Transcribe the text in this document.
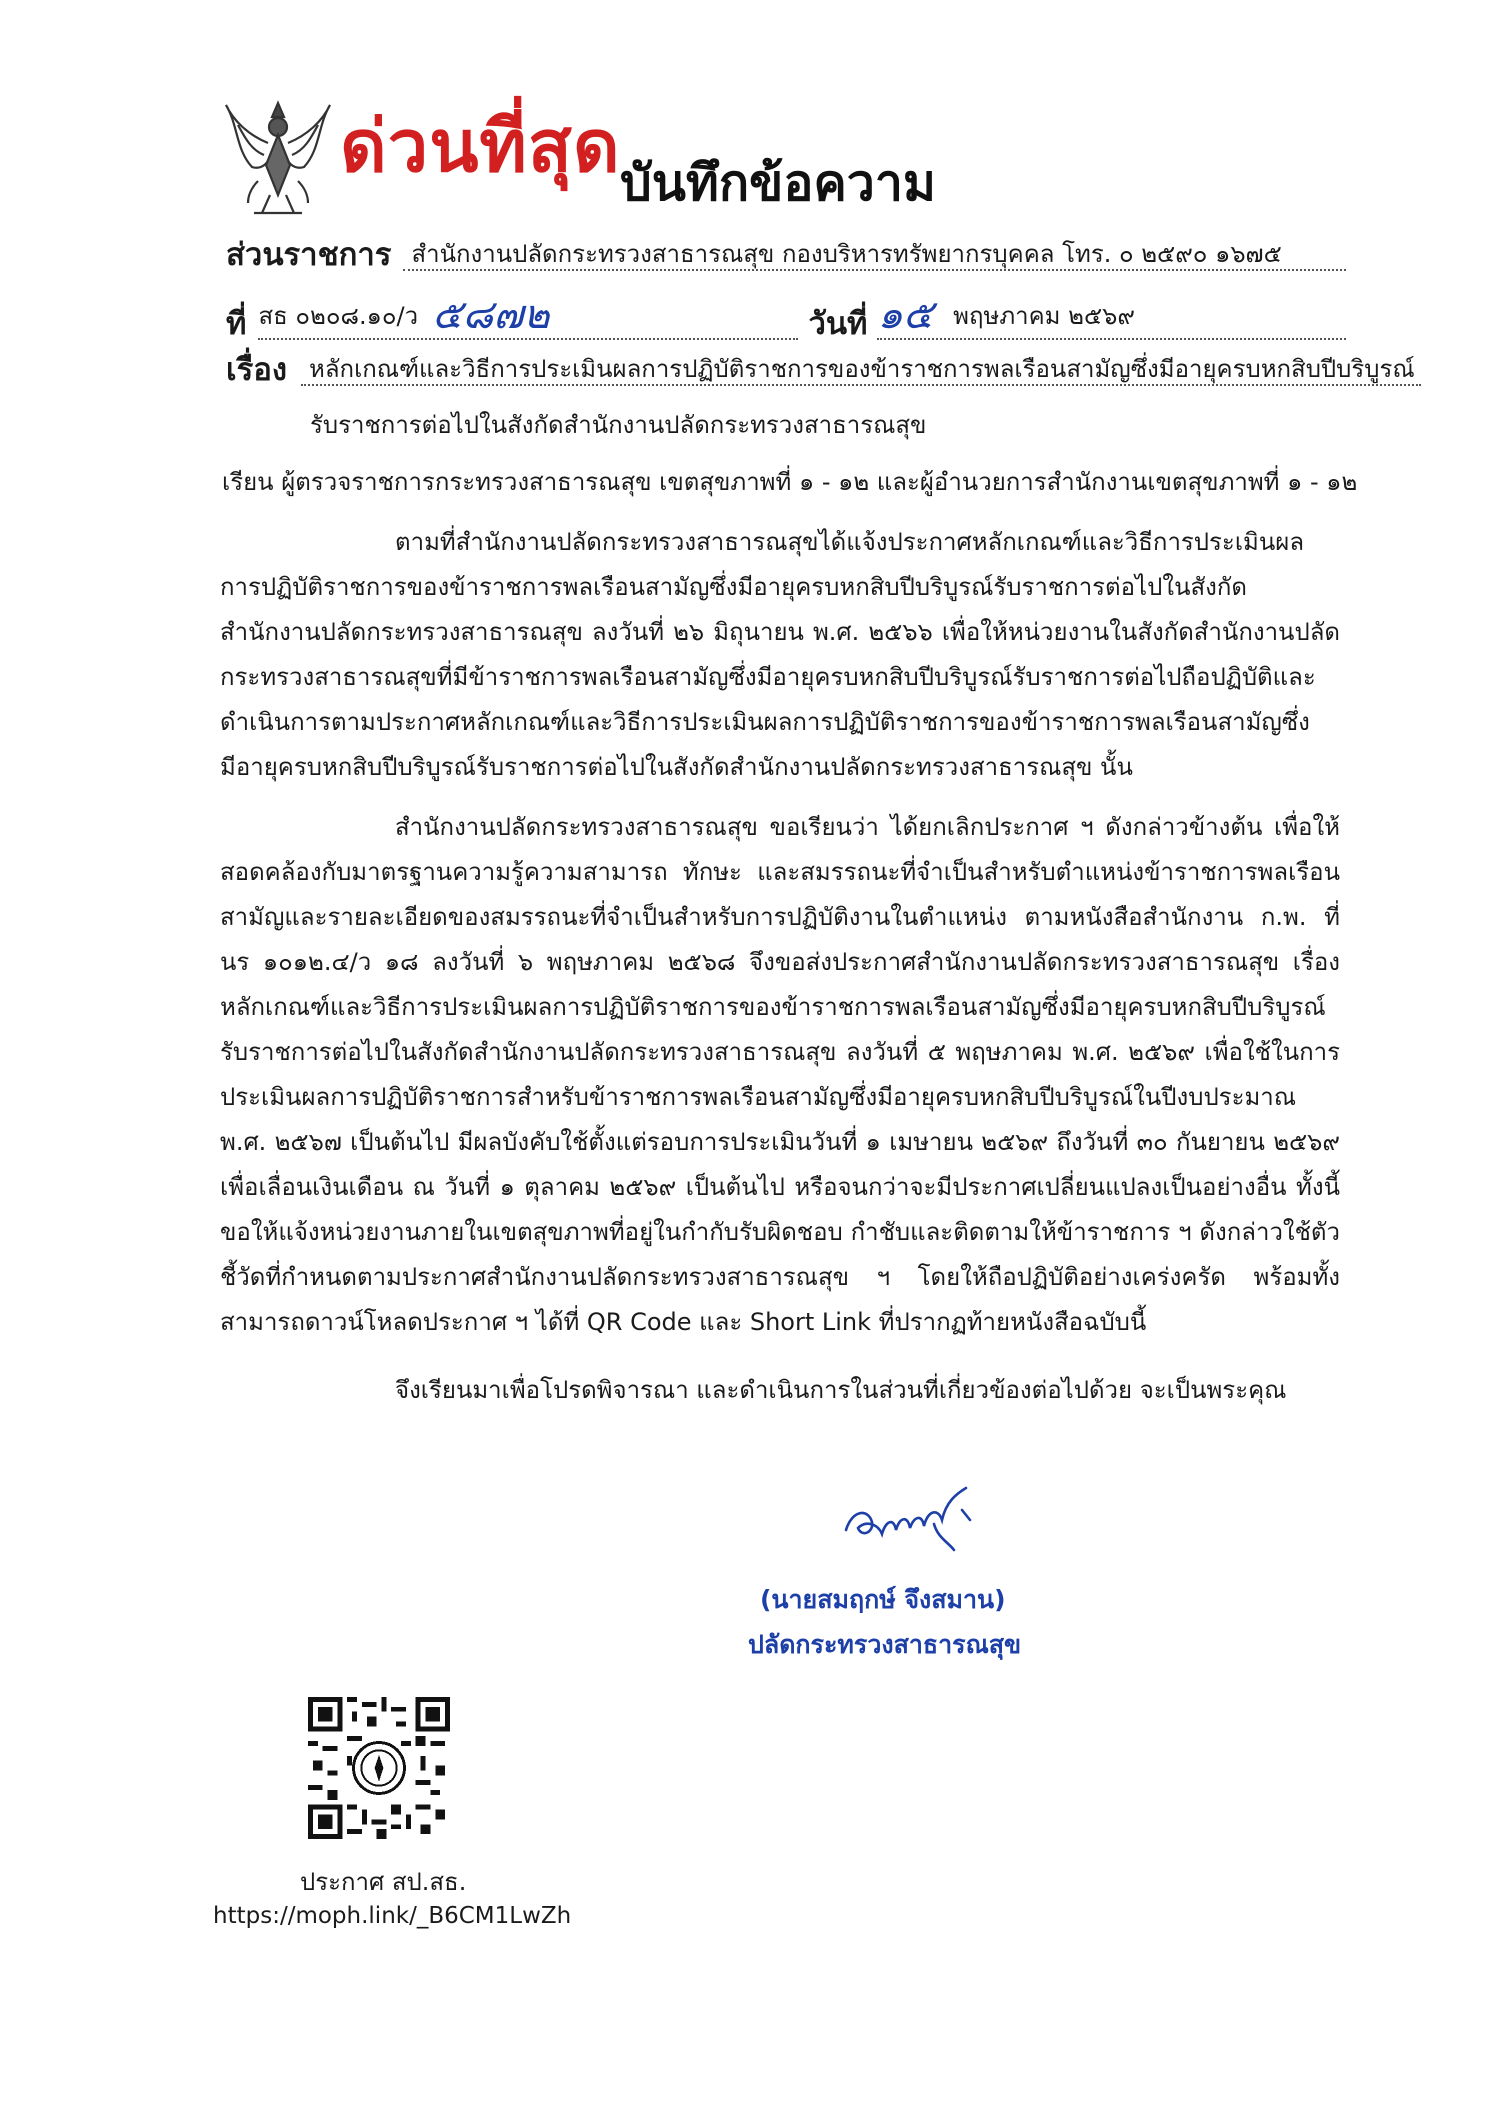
ด่วนที่สุด บันทึกข้อความ
ส่วนราชการ สำนักงานปลัดกระทรวงสาธารณสุข กองบริหารทรัพยากรบุคคล โทร. ๐ ๒๕๙๐ ๑๖๗๕
ที่ สธ ๐๒๐๘.๑๐/ว ๕๘๗๒	วันที่ ๑๕ พฤษภาคม ๒๕๖๙
เรื่อง หลักเกณฑ์และวิธีการประเมินผลการปฏิบัติราชการของข้าราชการพลเรือนสามัญซึ่งมีอายุครบหกสิบปีบริบูรณ์
รับราชการต่อไปในสังกัดสำนักงานปลัดกระทรวงสาธารณสุข
เรียน ผู้ตรวจราชการกระทรวงสาธารณสุข เขตสุขภาพที่ ๑ - ๑๒ และผู้อำนวยการสำนักงานเขตสุขภาพที่ ๑ - ๑๒

ตามที่สำนักงานปลัดกระทรวงสาธารณสุขได้แจ้งประกาศหลักเกณฑ์และวิธีการประเมินผลการปฏิบัติราชการของข้าราชการพลเรือนสามัญซึ่งมีอายุครบหกสิบปีบริบูรณ์รับราชการต่อไปในสังกัดสำนักงานปลัดกระทรวงสาธารณสุข ลงวันที่ ๒๖ มิถุนายน พ.ศ. ๒๕๖๖ เพื่อให้หน่วยงานในสังกัดสำนักงานปลัดกระทรวงสาธารณสุขที่มีข้าราชการพลเรือนสามัญซึ่งมีอายุครบหกสิบปีบริบูรณ์รับราชการต่อไปถือปฏิบัติและดำเนินการตามประกาศหลักเกณฑ์และวิธีการประเมินผลการปฏิบัติราชการของข้าราชการพลเรือนสามัญซึ่งมีอายุครบหกสิบปีบริบูรณ์รับราชการต่อไปในสังกัดสำนักงานปลัดกระทรวงสาธารณสุข นั้น

สำนักงานปลัดกระทรวงสาธารณสุข ขอเรียนว่า ได้ยกเลิกประกาศ ฯ ดังกล่าวข้างต้น เพื่อให้สอดคล้องกับมาตรฐานความรู้ความสามารถ ทักษะ และสมรรถนะที่จำเป็นสำหรับตำแหน่งข้าราชการพลเรือนสามัญและรายละเอียดของสมรรถนะที่จำเป็นสำหรับการปฏิบัติงานในตำแหน่ง ตามหนังสือสำนักงาน ก.พ. ที่ นร ๑๐๑๒.๔/ว ๑๘ ลงวันที่ ๖ พฤษภาคม ๒๕๖๘ จึงขอส่งประกาศสำนักงานปลัดกระทรวงสาธารณสุข เรื่อง หลักเกณฑ์และวิธีการประเมินผลการปฏิบัติราชการของข้าราชการพลเรือนสามัญซึ่งมีอายุครบหกสิบปีบริบูรณ์รับราชการต่อไปในสังกัดสำนักงานปลัดกระทรวงสาธารณสุข ลงวันที่ ๕ พฤษภาคม พ.ศ. ๒๕๖๙ เพื่อใช้ในการประเมินผลการปฏิบัติราชการสำหรับข้าราชการพลเรือนสามัญซึ่งมีอายุครบหกสิบปีบริบูรณ์ในปีงบประมาณ พ.ศ. ๒๕๖๗ เป็นต้นไป มีผลบังคับใช้ตั้งแต่รอบการประเมินวันที่ ๑ เมษายน ๒๕๖๙ ถึงวันที่ ๓๐ กันยายน ๒๕๖๙ เพื่อเลื่อนเงินเดือน ณ วันที่ ๑ ตุลาคม ๒๕๖๙ เป็นต้นไป หรือจนกว่าจะมีประกาศเปลี่ยนแปลงเป็นอย่างอื่น ทั้งนี้ ขอให้แจ้งหน่วยงานภายในเขตสุขภาพที่อยู่ในกำกับรับผิดชอบ กำชับและติดตามให้ข้าราชการ ฯ ดังกล่าวใช้ตัวชี้วัดที่กำหนดตามประกาศสำนักงานปลัดกระทรวงสาธารณสุข ฯ โดยให้ถือปฏิบัติอย่างเคร่งครัด พร้อมทั้งสามารถดาวน์โหลดประกาศ ฯ ได้ที่ QR Code และ Short Link ที่ปรากฏท้ายหนังสือฉบับนี้

จึงเรียนมาเพื่อโปรดพิจารณา และดำเนินการในส่วนที่เกี่ยวข้องต่อไปด้วย จะเป็นพระคุณ
(นายสมฤกษ์ จึงสมาน)
ปลัดกระทรวงสาธารณสุข
ประกาศ สป.สธ.
https://moph.link/_B6CM1LwZh
